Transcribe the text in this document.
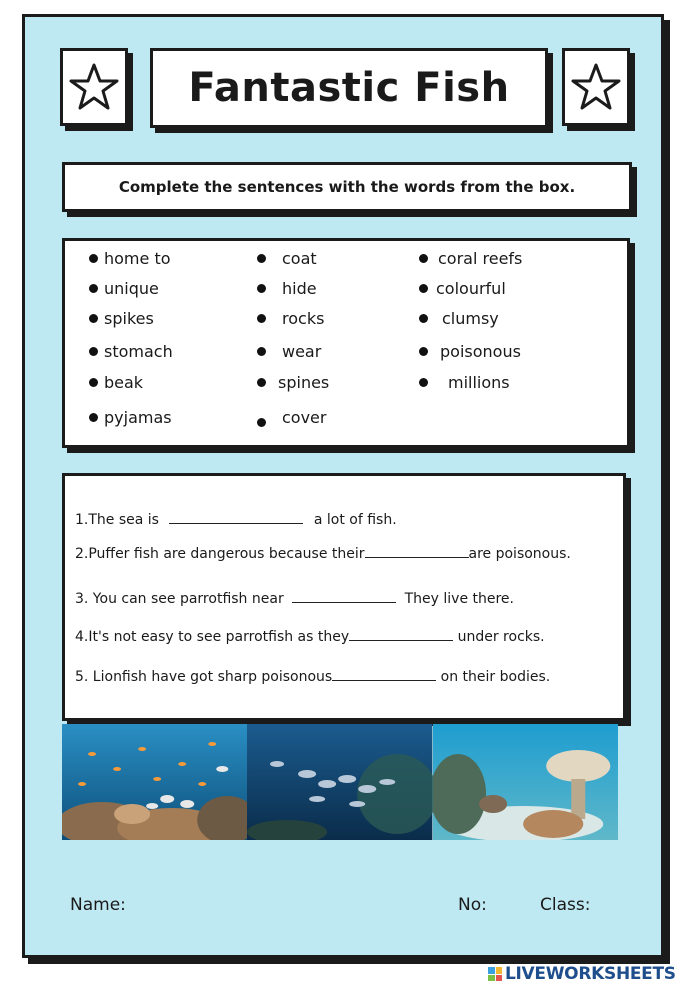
Fantastic Fish
Complete the sentences with the words from the box.
home to
unique
spikes
stomach
beak
pyjamas
coat
hide
rocks
wear
spines
cover
coral reefs
colourful
clumsy
poisonous
millions
1.The sea is	a lot of fish.
2.Puffer fish are dangerous because their	are poisonous.
3. You can see parrotfish near	They live there.
4.It's not easy to see parrotfish as they	under rocks.
5. Lionfish have got sharp poisonous	on their bodies.
Name:	No:	Class:
LIVEWORKSHEETS
